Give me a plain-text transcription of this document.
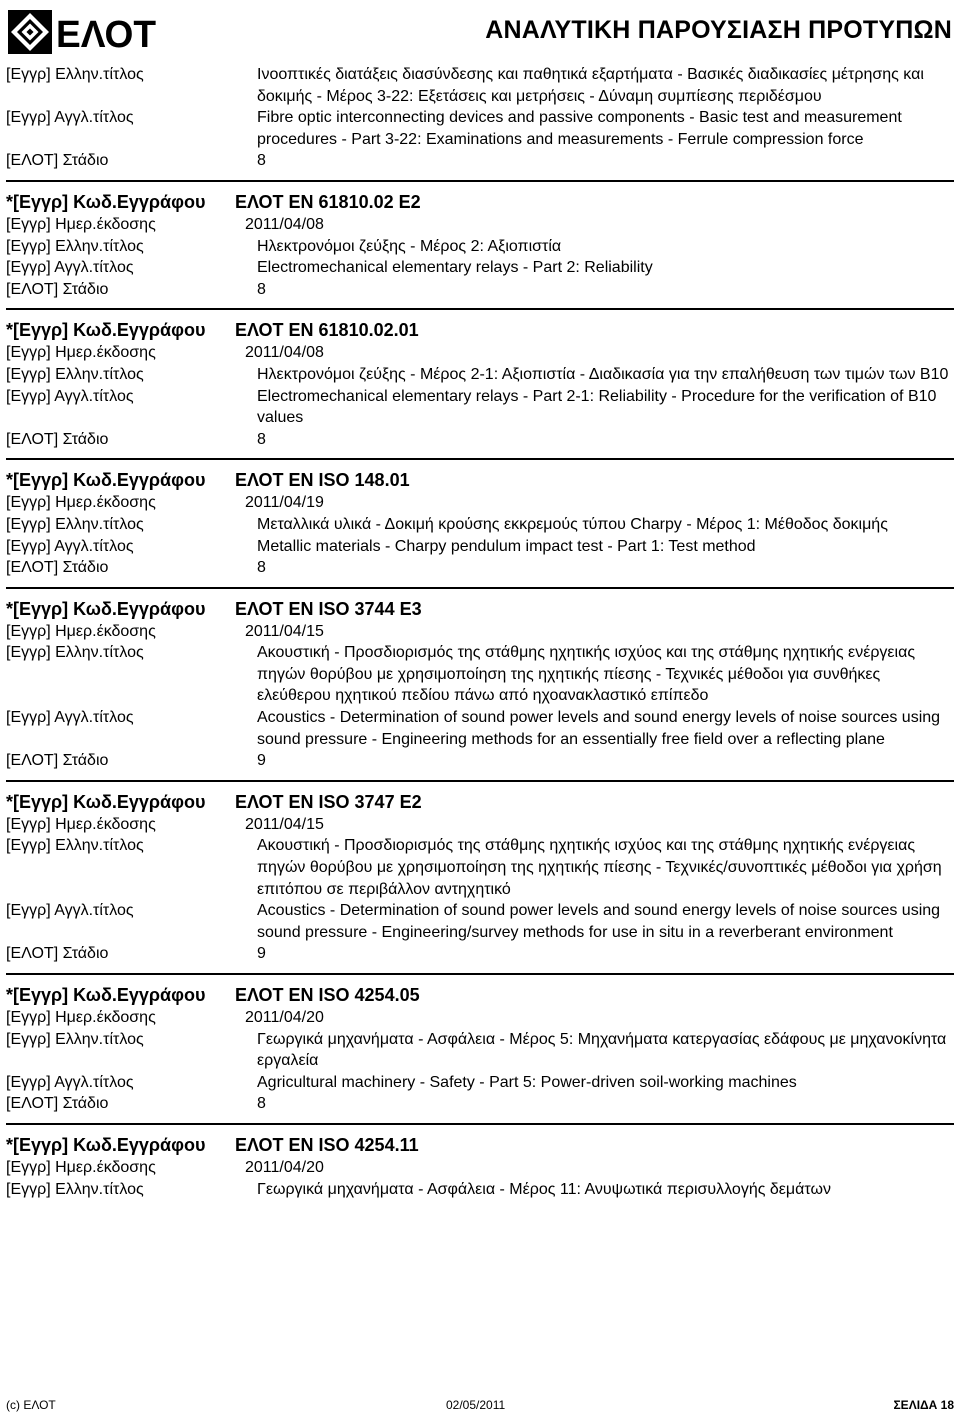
ΕΛΟΤ	ΑΝΑΛΥΤΙΚΗ ΠΑΡΟΥΣΙΑΣΗ ΠΡΟΤΥΠΩΝ
[Εγγρ] Ελλην.τίτλος	Ινοοπτικές διατάξεις διασύνδεσης και παθητικά εξαρτήματα - Βασικές διαδικασίες μέτρησης και δοκιμής - Μέρος 3-22: Εξετάσεις και μετρήσεις - Δύναμη συμπίεσης περιδέσμου
[Εγγρ] Αγγλ.τίτλος	Fibre optic interconnecting devices and passive components - Basic test and measurement procedures - Part 3-22: Examinations and measurements - Ferrule compression force
[ΕΛΟΤ] Στάδιο	8
*[Εγγρ] Κωδ.Εγγράφου	ΕΛΟΤ EN 61810.02 E2
[Εγγρ] Ημερ.έκδοσης	2011/04/08
[Εγγρ] Ελλην.τίτλος	Ηλεκτρονόμοι ζεύξης - Μέρος 2: Αξιοπιστία
[Εγγρ] Αγγλ.τίτλος	Electromechanical elementary relays - Part 2: Reliability
[ΕΛΟΤ] Στάδιο	8
*[Εγγρ] Κωδ.Εγγράφου	ΕΛΟΤ EN 61810.02.01
[Εγγρ] Ημερ.έκδοσης	2011/04/08
[Εγγρ] Ελλην.τίτλος	Ηλεκτρονόμοι ζεύξης - Μέρος 2-1: Αξιοπιστία - Διαδικασία για την επαλήθευση των τιμών των B10
[Εγγρ] Αγγλ.τίτλος	Electromechanical elementary relays - Part 2-1: Reliability - Procedure for the verification of B10 values
[ΕΛΟΤ] Στάδιο	8
*[Εγγρ] Κωδ.Εγγράφου	ΕΛΟΤ EN ISO 148.01
[Εγγρ] Ημερ.έκδοσης	2011/04/19
[Εγγρ] Ελλην.τίτλος	Μεταλλικά υλικά - Δοκιμή κρούσης εκκρεμούς τύπου Charpy - Μέρος 1: Μέθοδος δοκιμής
[Εγγρ] Αγγλ.τίτλος	Metallic materials - Charpy pendulum impact test - Part 1: Test method
[ΕΛΟΤ] Στάδιο	8
*[Εγγρ] Κωδ.Εγγράφου	ΕΛΟΤ EN ISO 3744 E3
[Εγγρ] Ημερ.έκδοσης	2011/04/15
[Εγγρ] Ελλην.τίτλος	Ακουστική - Προσδιορισμός της στάθμης ηχητικής ισχύος και της στάθμης ηχητικής ενέργειας πηγών θορύβου με χρησιμοποίηση της ηχητικής πίεσης - Τεχνικές μέθοδοι για συνθήκες ελεύθερου ηχητικού πεδίου πάνω από ηχοανακλαστικό επίπεδο
[Εγγρ] Αγγλ.τίτλος	Acoustics - Determination of sound power levels and sound energy levels of noise sources using sound pressure - Engineering methods for an essentially free field over a reflecting plane
[ΕΛΟΤ] Στάδιο	9
*[Εγγρ] Κωδ.Εγγράφου	ΕΛΟΤ EN ISO 3747 E2
[Εγγρ] Ημερ.έκδοσης	2011/04/15
[Εγγρ] Ελλην.τίτλος	Ακουστική - Προσδιορισμός της στάθμης ηχητικής ισχύος και της στάθμης ηχητικής ενέργειας πηγών θορύβου με χρησιμοποίηση της ηχητικής πίεσης - Τεχνικές/συνοπτικές μέθοδοι για χρήση επιτόπου σε περιβάλλον αντηχητικό
[Εγγρ] Αγγλ.τίτλος	Acoustics - Determination of sound power levels and sound energy levels of noise sources using sound pressure - Engineering/survey methods for use in situ in a reverberant environment
[ΕΛΟΤ] Στάδιο	9
*[Εγγρ] Κωδ.Εγγράφου	ΕΛΟΤ EN ISO 4254.05
[Εγγρ] Ημερ.έκδοσης	2011/04/20
[Εγγρ] Ελλην.τίτλος	Γεωργικά μηχανήματα - Ασφάλεια - Μέρος 5: Μηχανήματα κατεργασίας εδάφους με μηχανοκίνητα εργαλεία
[Εγγρ] Αγγλ.τίτλος	Agricultural machinery - Safety - Part 5: Power-driven soil-working machines
[ΕΛΟΤ] Στάδιο	8
*[Εγγρ] Κωδ.Εγγράφου	ΕΛΟΤ EN ISO 4254.11
[Εγγρ] Ημερ.έκδοσης	2011/04/20
[Εγγρ] Ελλην.τίτλος	Γεωργικά μηχανήματα - Ασφάλεια - Μέρος 11: Ανυψωτικά περισυλλογής δεμάτων
(c) ΕΛΟΤ	02/05/2011	ΣΕΛΙΔΑ 18
